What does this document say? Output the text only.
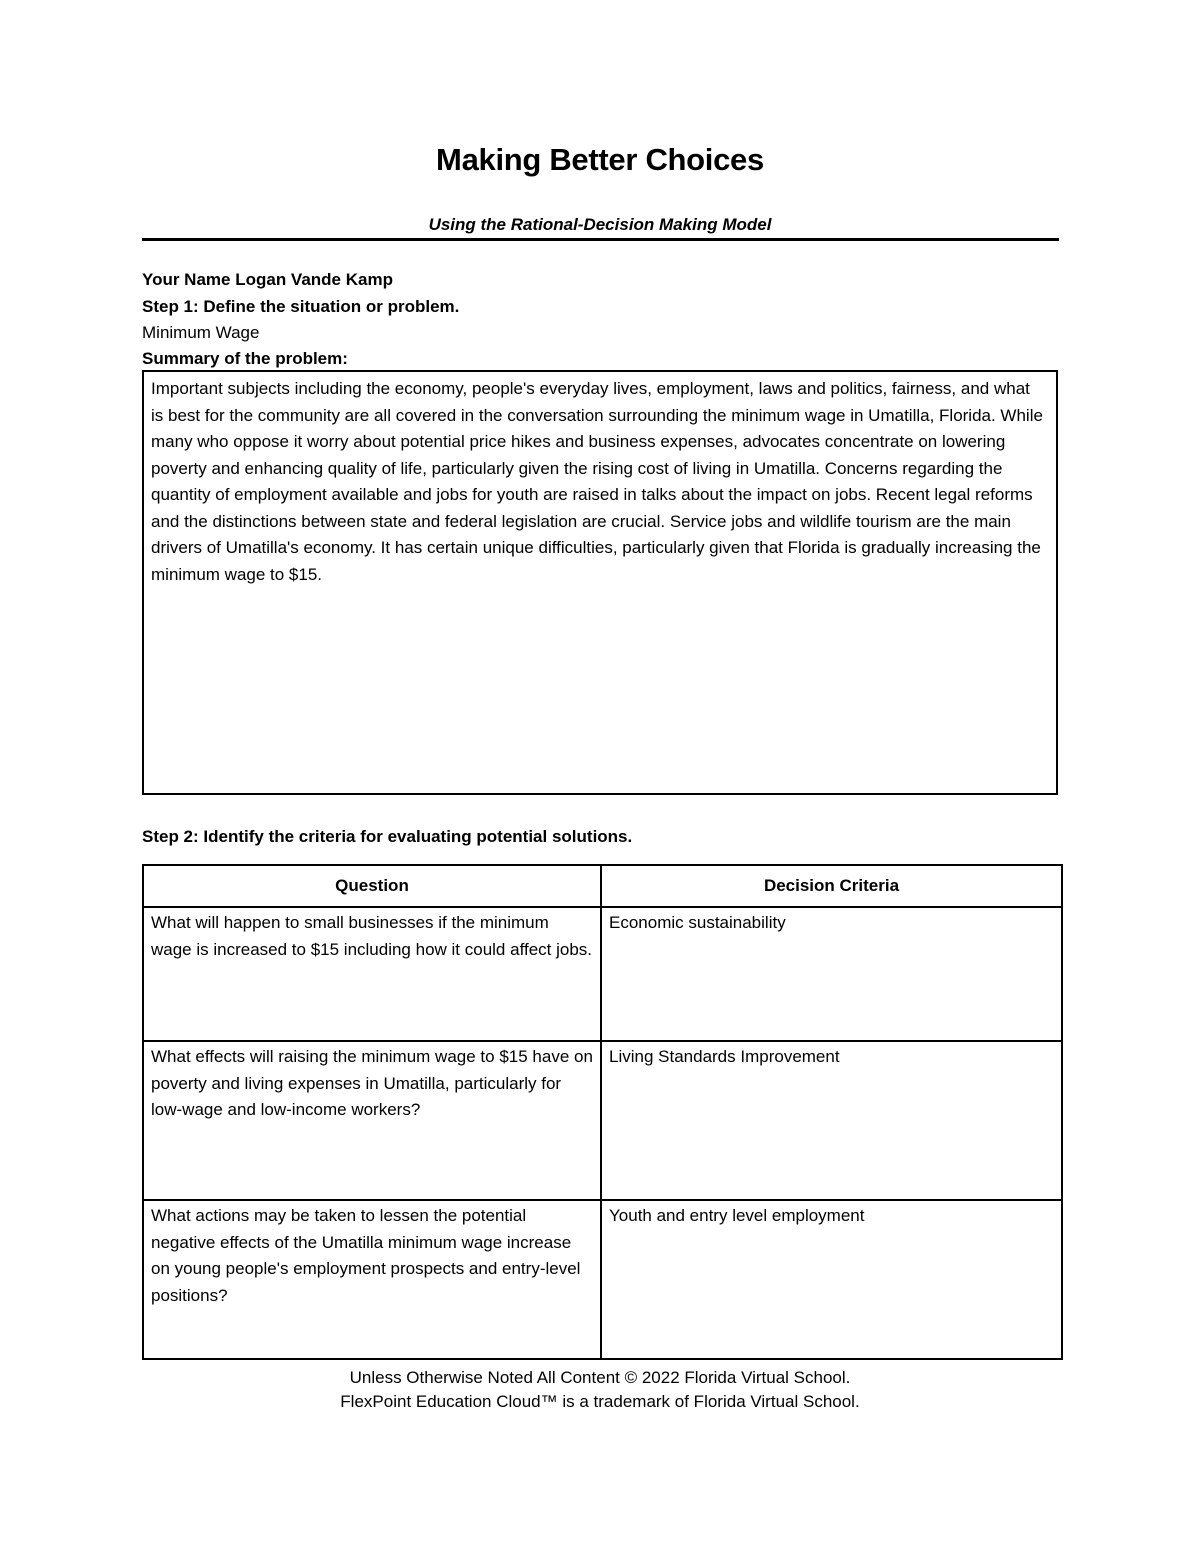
Making Better Choices
Using the Rational-Decision Making Model
Your Name Logan Vande Kamp
Step 1: Define the situation or problem.
Minimum Wage
Summary of the problem:
Important subjects including the economy, people's everyday lives, employment, laws and politics, fairness, and what is best for the community are all covered in the conversation surrounding the minimum wage in Umatilla, Florida. While many who oppose it worry about potential price hikes and business expenses, advocates concentrate on lowering poverty and enhancing quality of life, particularly given the rising cost of living in Umatilla. Concerns regarding the quantity of employment available and jobs for youth are raised in talks about the impact on jobs. Recent legal reforms and the distinctions between state and federal legislation are crucial. Service jobs and wildlife tourism are the main drivers of Umatilla's economy. It has certain unique difficulties, particularly given that Florida is gradually increasing the minimum wage to $15.
Step 2: Identify the criteria for evaluating potential solutions.
Question	Decision Criteria
What will happen to small businesses if the minimum wage is increased to $15 including how it could affect jobs.	Economic sustainability
What effects will raising the minimum wage to $15 have on poverty and living expenses in Umatilla, particularly for low-wage and low-income workers?	Living Standards Improvement
What actions may be taken to lessen the potential negative effects of the Umatilla minimum wage increase on young people's employment prospects and entry-level positions?	Youth and entry level employment
Unless Otherwise Noted All Content © 2022 Florida Virtual School.
FlexPoint Education Cloud™ is a trademark of Florida Virtual School.
